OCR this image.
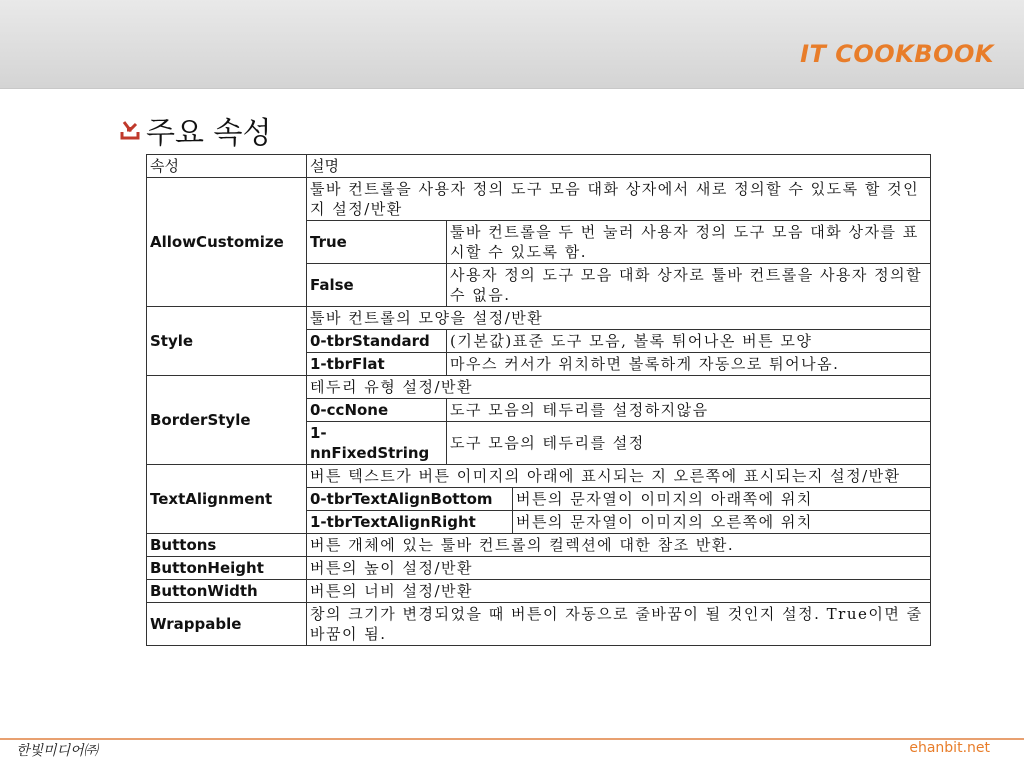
IT COOKBOOK
주요 속성
속성	설명		
AllowCustomize	툴바 컨트롤을 사용자 정의 도구 모음 대화 상자에서 새로 정의할 수 있도록 할 것인지 설정/반환		
	True	툴바 컨트롤을 두 번 눌러 사용자 정의 도구 모음 대화 상자를 표시할 수 있도록 함.	
	False	사용자 정의 도구 모음 대화 상자로 툴바 컨트롤을 사용자 정의할 수 없음.	
Style	툴바 컨트롤의 모양을 설정/반환		
	0-tbrStandard	(기본값)표준 도구 모음, 볼록 튀어나온 버튼 모양	
	1-tbrFlat	마우스 커서가 위치하면 볼록하게 자동으로 튀어나옴.	
BorderStyle	테두리 유형 설정/반환		
	0-ccNone	도구 모음의 테두리를 설정하지않음	
	1-nnFixedString	도구 모음의 테두리를 설정	
TextAlignment	버튼 텍스트가 버튼 이미지의 아래에 표시되는 지 오른쪽에 표시되는지 설정/반환		
	0-tbrTextAlignBottom		버튼의 문자열이 이미지의 아래쪽에 위치
	1-tbrTextAlignRight		버튼의 문자열이 이미지의 오른쪽에 위치
Buttons	버튼 개체에 있는 툴바 컨트롤의 컬렉션에 대한 참조 반환.		
ButtonHeight	버튼의 높이 설정/반환		
ButtonWidth	버튼의 너비 설정/반환		
Wrappable	창의 크기가 변경되었을 때 버튼이 자동으로 줄바꿈이 될 것인지 설정. True이면 줄바꿈이 됨.		
한빛미디어㈜	ehanbit.net
